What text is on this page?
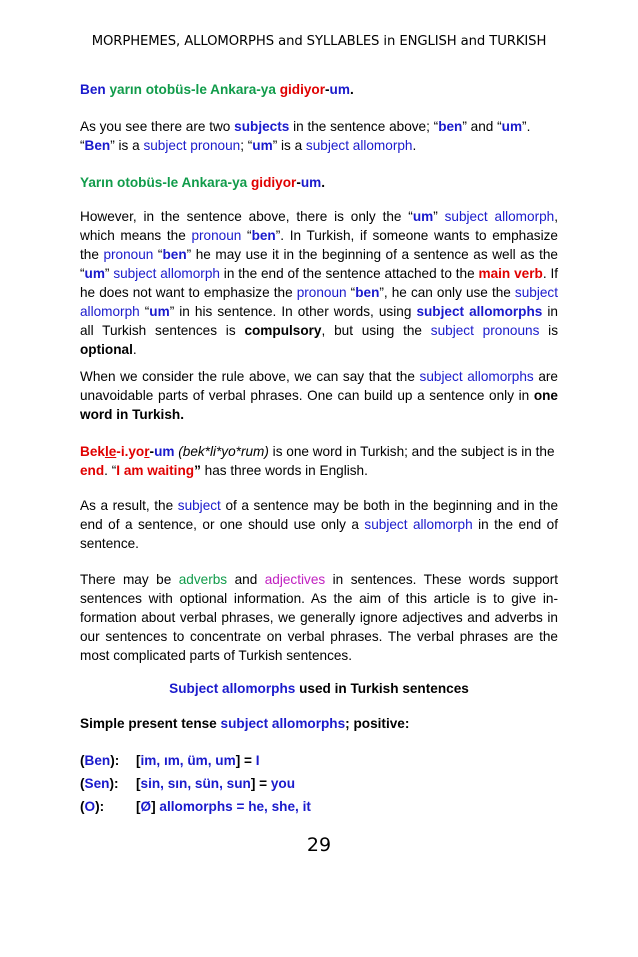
MORPHEMES, ALLOMORPHS and SYLLABLES in ENGLISH and TURKISH

Ben yarın otobüs-le Ankara-ya gidiyor-um.

As you see there are two subjects in the sentence above; “ben” and “um”.
“Ben” is a subject pronoun; “um” is a subject allomorph.

Yarın otobüs-le Ankara-ya gidiyor-um.

However, in the sentence above, there is only the “um” subject allomorph, which means the pronoun “ben”. In Turkish, if someone wants to emphasize the pronoun “ben” he may use it in the beginning of a sentence as well as the “um” subject allomorph in the end of the sentence attached to the main verb. If he does not want to emphasize the pronoun “ben”, he can only use the subject allomorph “um” in his sentence. In other words, using subject allomorphs in all Turkish sentences is compulsory, but using the subject pronouns is optional.

When we consider the rule above, we can say that the subject allomorphs are unavoidable parts of verbal phrases. One can build up a sentence only in one word in Turkish.

Bekle-i.yor-um (bek*li*yo*rum) is one word in Turkish; and the subject is in the end. “I am waiting” has three words in English.

As a result, the subject of a sentence may be both in the beginning and in the end of a sentence, or one should use only a subject allomorph in the end of sentence.

There may be adverbs and adjectives in sentences. These words support sentences with optional information. As the aim of this article is to give in-formation about verbal phrases, we generally ignore adjectives and adverbs in our sentences to concentrate on verbal phrases. The verbal phrases are the most complicated parts of Turkish sentences.

Subject allomorphs used in Turkish sentences

Simple present tense subject allomorphs; positive:

(Ben):	[im, ım, üm, um] = I
(Sen):	[sin, sın, sün, sun] = you
(O):	[Ø] allomorphs = he, she, it
29
